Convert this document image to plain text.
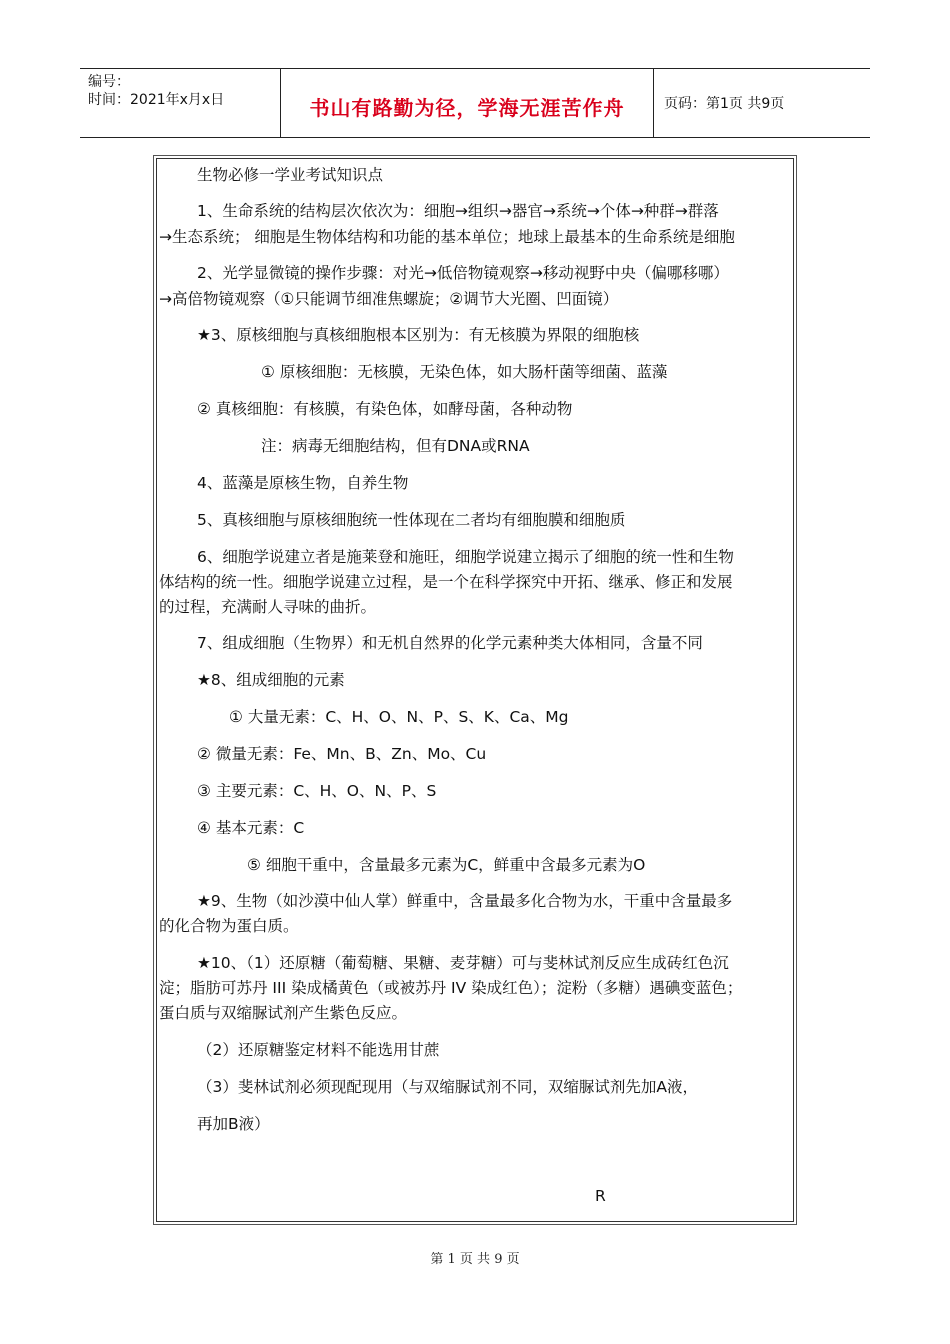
编号：
时间：2021年x月x日	书山有路勤为径，学海无涯苦作舟	页码：第1页 共9页
生物必修一学业考试知识点
1、生命系统的结构层次依次为：细胞→组织→器官→系统→个体→种群→群落
→生态系统； 细胞是生物体结构和功能的基本单位；地球上最基本的生命系统是细胞
2、光学显微镜的操作步骤：对光→低倍物镜观察→移动视野中央（偏哪移哪）
→高倍物镜观察（①只能调节细准焦螺旋；②调节大光圈、凹面镜）
★3、原核细胞与真核细胞根本区别为：有无核膜为界限的细胞核
① 原核细胞：无核膜，无染色体，如大肠杆菌等细菌、蓝藻
② 真核细胞：有核膜，有染色体，如酵母菌，各种动物
注：病毒无细胞结构，但有DNA或RNA
4、蓝藻是原核生物，自养生物
5、真核细胞与原核细胞统一性体现在二者均有细胞膜和细胞质
6、细胞学说建立者是施莱登和施旺，细胞学说建立揭示了细胞的统一性和生物
体结构的统一性。细胞学说建立过程，是一个在科学探究中开拓、继承、修正和发展
的过程，充满耐人寻味的曲折。
7、组成细胞（生物界）和无机自然界的化学元素种类大体相同，含量不同
★8、组成细胞的元素
① 大量无素：C、H、O、N、P、S、K、Ca、Mg
② 微量无素：Fe、Mn、B、Zn、Mo、Cu
③ 主要元素：C、H、O、N、P、S
④ 基本元素：C
⑤ 细胞干重中，含量最多元素为C，鲜重中含最多元素为O
★9、生物（如沙漠中仙人掌）鲜重中，含量最多化合物为水，干重中含量最多
的化合物为蛋白质。
★10、（1）还原糖（葡萄糖、果糖、麦芽糖）可与斐林试剂反应生成砖红色沉
淀；脂肪可苏丹 III 染成橘黄色（或被苏丹 IV 染成红色）；淀粉（多糖）遇碘变蓝色；
蛋白质与双缩脲试剂产生紫色反应。
（2）还原糖鉴定材料不能选用甘蔗
（3）斐林试剂必须现配现用（与双缩脲试剂不同，双缩脲试剂先加A液，
再加B液）
R
第 1 页 共 9 页
